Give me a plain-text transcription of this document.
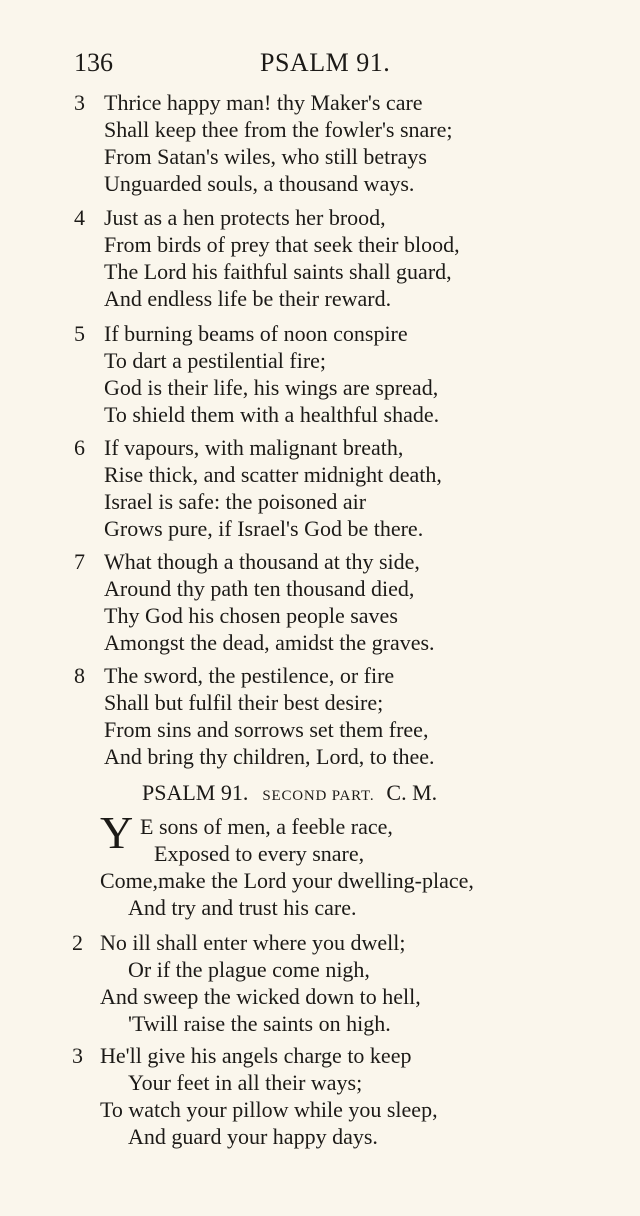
136	PSALM 91.
3 Thrice happy man! thy Maker's care
Shall keep thee from the fowler's snare;
From Satan's wiles, who still betrays
Unguarded souls, a thousand ways.
4 Just as a hen protects her brood,
From birds of prey that seek their blood,
The Lord his faithful saints shall guard,
And endless life be their reward.
5 If burning beams of noon conspire
To dart a pestilential fire;
God is their life, his wings are spread,
To shield them with a healthful shade.
6 If vapours, with malignant breath,
Rise thick, and scatter midnight death,
Israel is safe: the poisoned air
Grows pure, if Israel's God be there.
7 What though a thousand at thy side,
Around thy path ten thousand died,
Thy God his chosen people saves
Amongst the dead, amidst the graves.
8 The sword, the pestilence, or fire
Shall but fulfil their best desire;
From sins and sorrows set them free,
And bring thy children, Lord, to thee.
PSALM 91. SECOND PART. C. M.
Y E sons of men, a feeble race,
Exposed to every snare,
Come,make the Lord your dwelling-place,
And try and trust his care.
2 No ill shall enter where you dwell;
Or if the plague come nigh,
And sweep the wicked down to hell,
'Twill raise the saints on high.
3 He'll give his angels charge to keep
Your feet in all their ways;
To watch your pillow while you sleep,
And guard your happy days.
